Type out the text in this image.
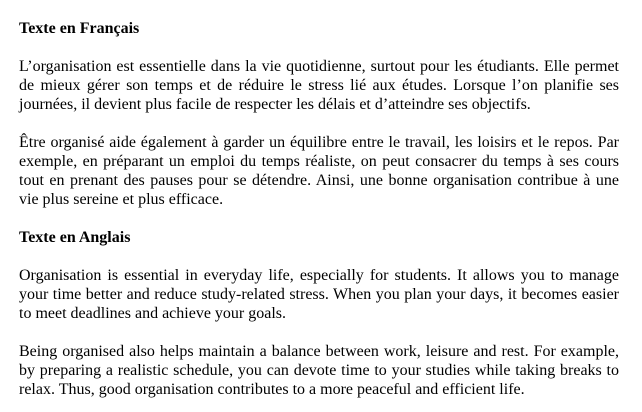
Texte en Français

L’organisation est essentielle dans la vie quotidienne, surtout pour les étudiants. Elle permet de mieux gérer son temps et de réduire le stress lié aux études. Lorsque l’on planifie ses journées, il devient plus facile de respecter les délais et d’atteindre ses objectifs.

Être organisé aide également à garder un équilibre entre le travail, les loisirs et le repos. Par exemple, en préparant un emploi du temps réaliste, on peut consacrer du temps à ses cours tout en prenant des pauses pour se détendre. Ainsi, une bonne organisation contribue à une vie plus sereine et plus efficace.

Texte en Anglais

Organisation is essential in everyday life, especially for students. It allows you to manage your time better and reduce study-related stress. When you plan your days, it becomes easier to meet deadlines and achieve your goals.

Being organised also helps maintain a balance between work, leisure and rest. For example, by preparing a realistic schedule, you can devote time to your studies while taking breaks to relax. Thus, good organisation contributes to a more peaceful and efficient life.
